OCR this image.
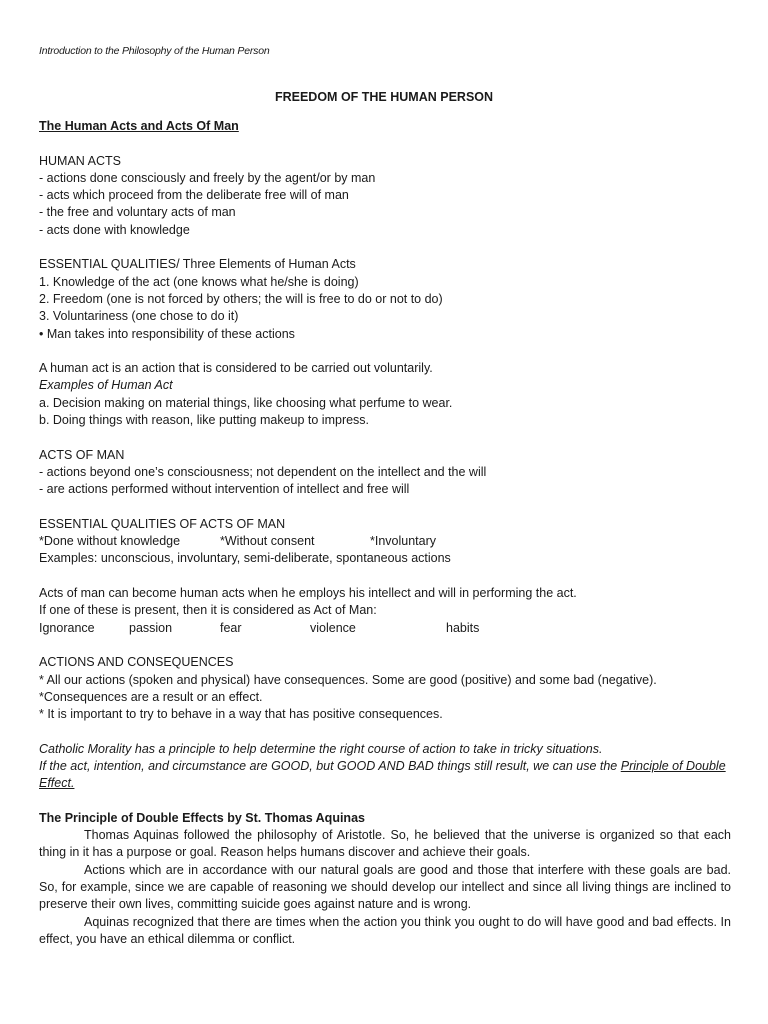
Introduction to the Philosophy of the Human Person
FREEDOM OF THE HUMAN PERSON
The Human Acts and Acts Of Man
HUMAN ACTS
- actions done consciously and freely by the agent/or by man
- acts which proceed from the deliberate free will of man
- the free and voluntary acts of man
- acts done with knowledge
ESSENTIAL QUALITIES/ Three Elements of Human Acts
1. Knowledge of the act (one knows what he/she is doing)
2. Freedom (one is not forced by others; the will is free to do or not to do)
3. Voluntariness (one chose to do it)
• Man takes into responsibility of these actions
A human act is an action that is considered to be carried out voluntarily.
Examples of Human Act
a. Decision making on material things, like choosing what perfume to wear.
b. Doing things with reason, like putting makeup to impress.
ACTS OF MAN
- actions beyond one’s consciousness; not dependent on the intellect and the will
- are actions performed without intervention of intellect and free will
ESSENTIAL QUALITIES OF ACTS OF MAN
*Done without knowledge	*Without consent	*Involuntary
Examples: unconscious, involuntary, semi-deliberate, spontaneous actions
Acts of man can become human acts when he employs his intellect and will in performing the act.
If one of these is present, then it is considered as Act of Man:
Ignorance	passion	fear	violence	habits
ACTIONS AND CONSEQUENCES
* All our actions (spoken and physical) have consequences. Some are good (positive) and some bad (negative).
*Consequences are a result or an effect.
* It is important to try to behave in a way that has positive consequences.
Catholic Morality has a principle to help determine the right course of action to take in tricky situations.
If the act, intention, and circumstance are GOOD, but GOOD AND BAD things still result, we can use the Principle of Double Effect.
The Principle of Double Effects by St. Thomas Aquinas
Thomas Aquinas followed the philosophy of Aristotle. So, he believed that the universe is organized so that each thing in it has a purpose or goal. Reason helps humans discover and achieve their goals.
Actions which are in accordance with our natural goals are good and those that interfere with these goals are bad. So, for example, since we are capable of reasoning we should develop our intellect and since all living things are inclined to preserve their own lives, committing suicide goes against nature and is wrong.
Aquinas recognized that there are times when the action you think you ought to do will have good and bad effects. In effect, you have an ethical dilemma or conflict.
